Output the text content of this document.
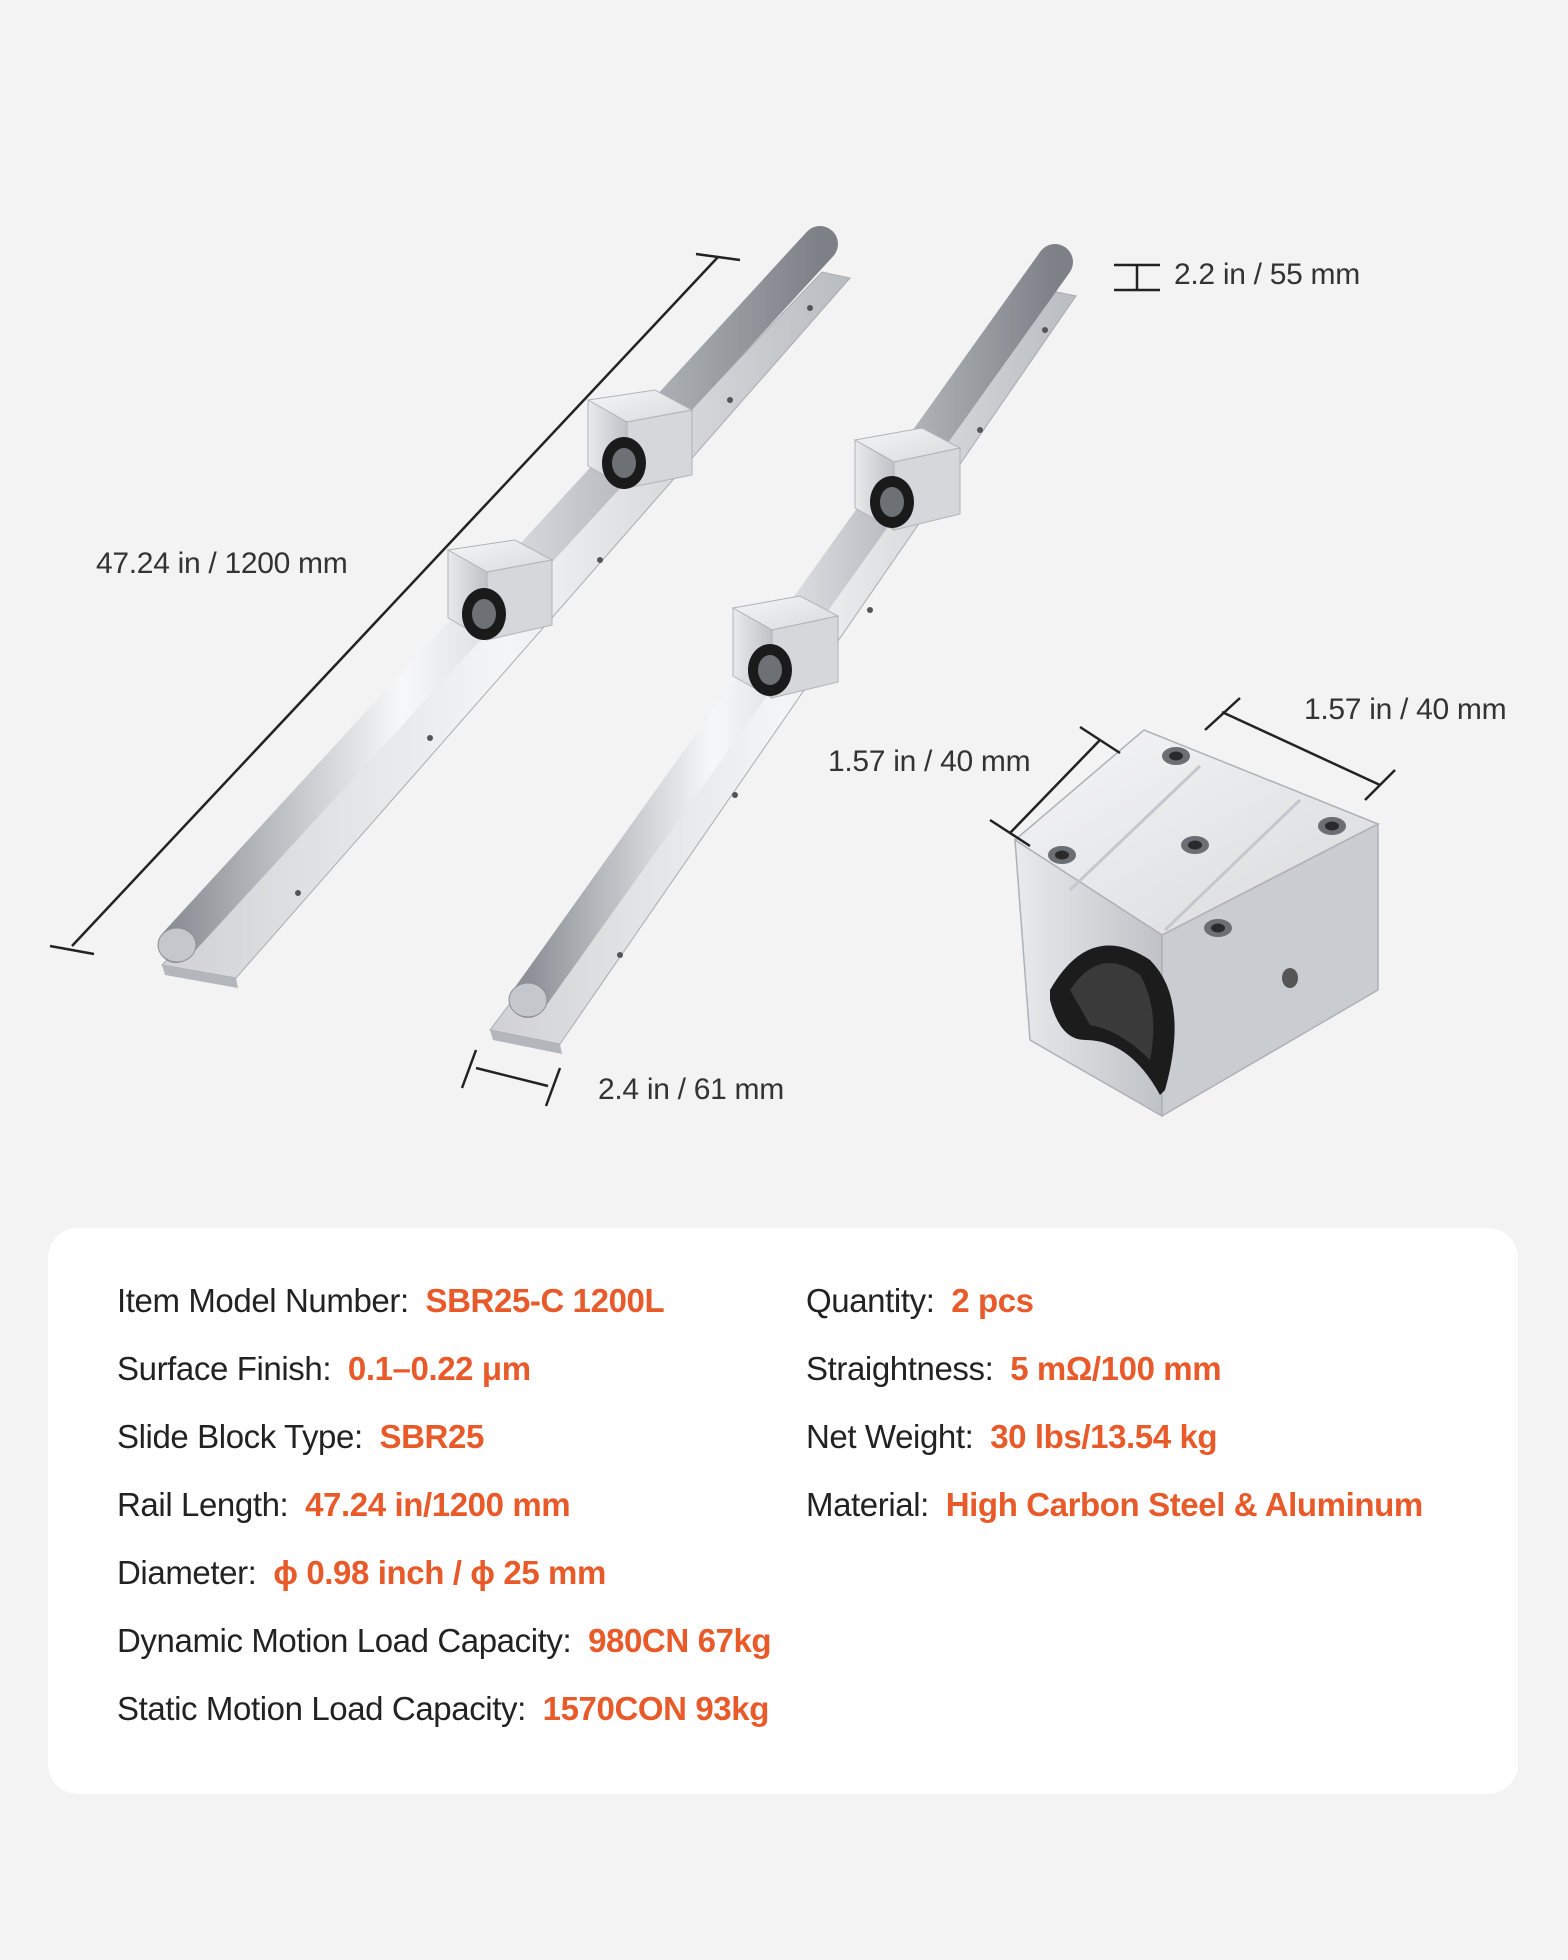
47.24 in / 1200 mm
2.2 in / 55 mm
2.4 in / 61 mm
1.57 in / 40 mm
1.57 in / 40 mm
Item Model Number: SBR25-C 1200L
Surface Finish: 0.1–0.22 μm
Slide Block Type: SBR25
Rail Length: 47.24 in/1200 mm
Diameter: ɸ 0.98 inch / ɸ 25 mm
Dynamic Motion Load Capacity: 980CN 67kg
Static Motion Load Capacity: 1570CON 93kg
Quantity: 2 pcs
Straightness: 5 mΩ/100 mm
Net Weight: 30 lbs/13.54 kg
Material: High Carbon Steel & Aluminum
